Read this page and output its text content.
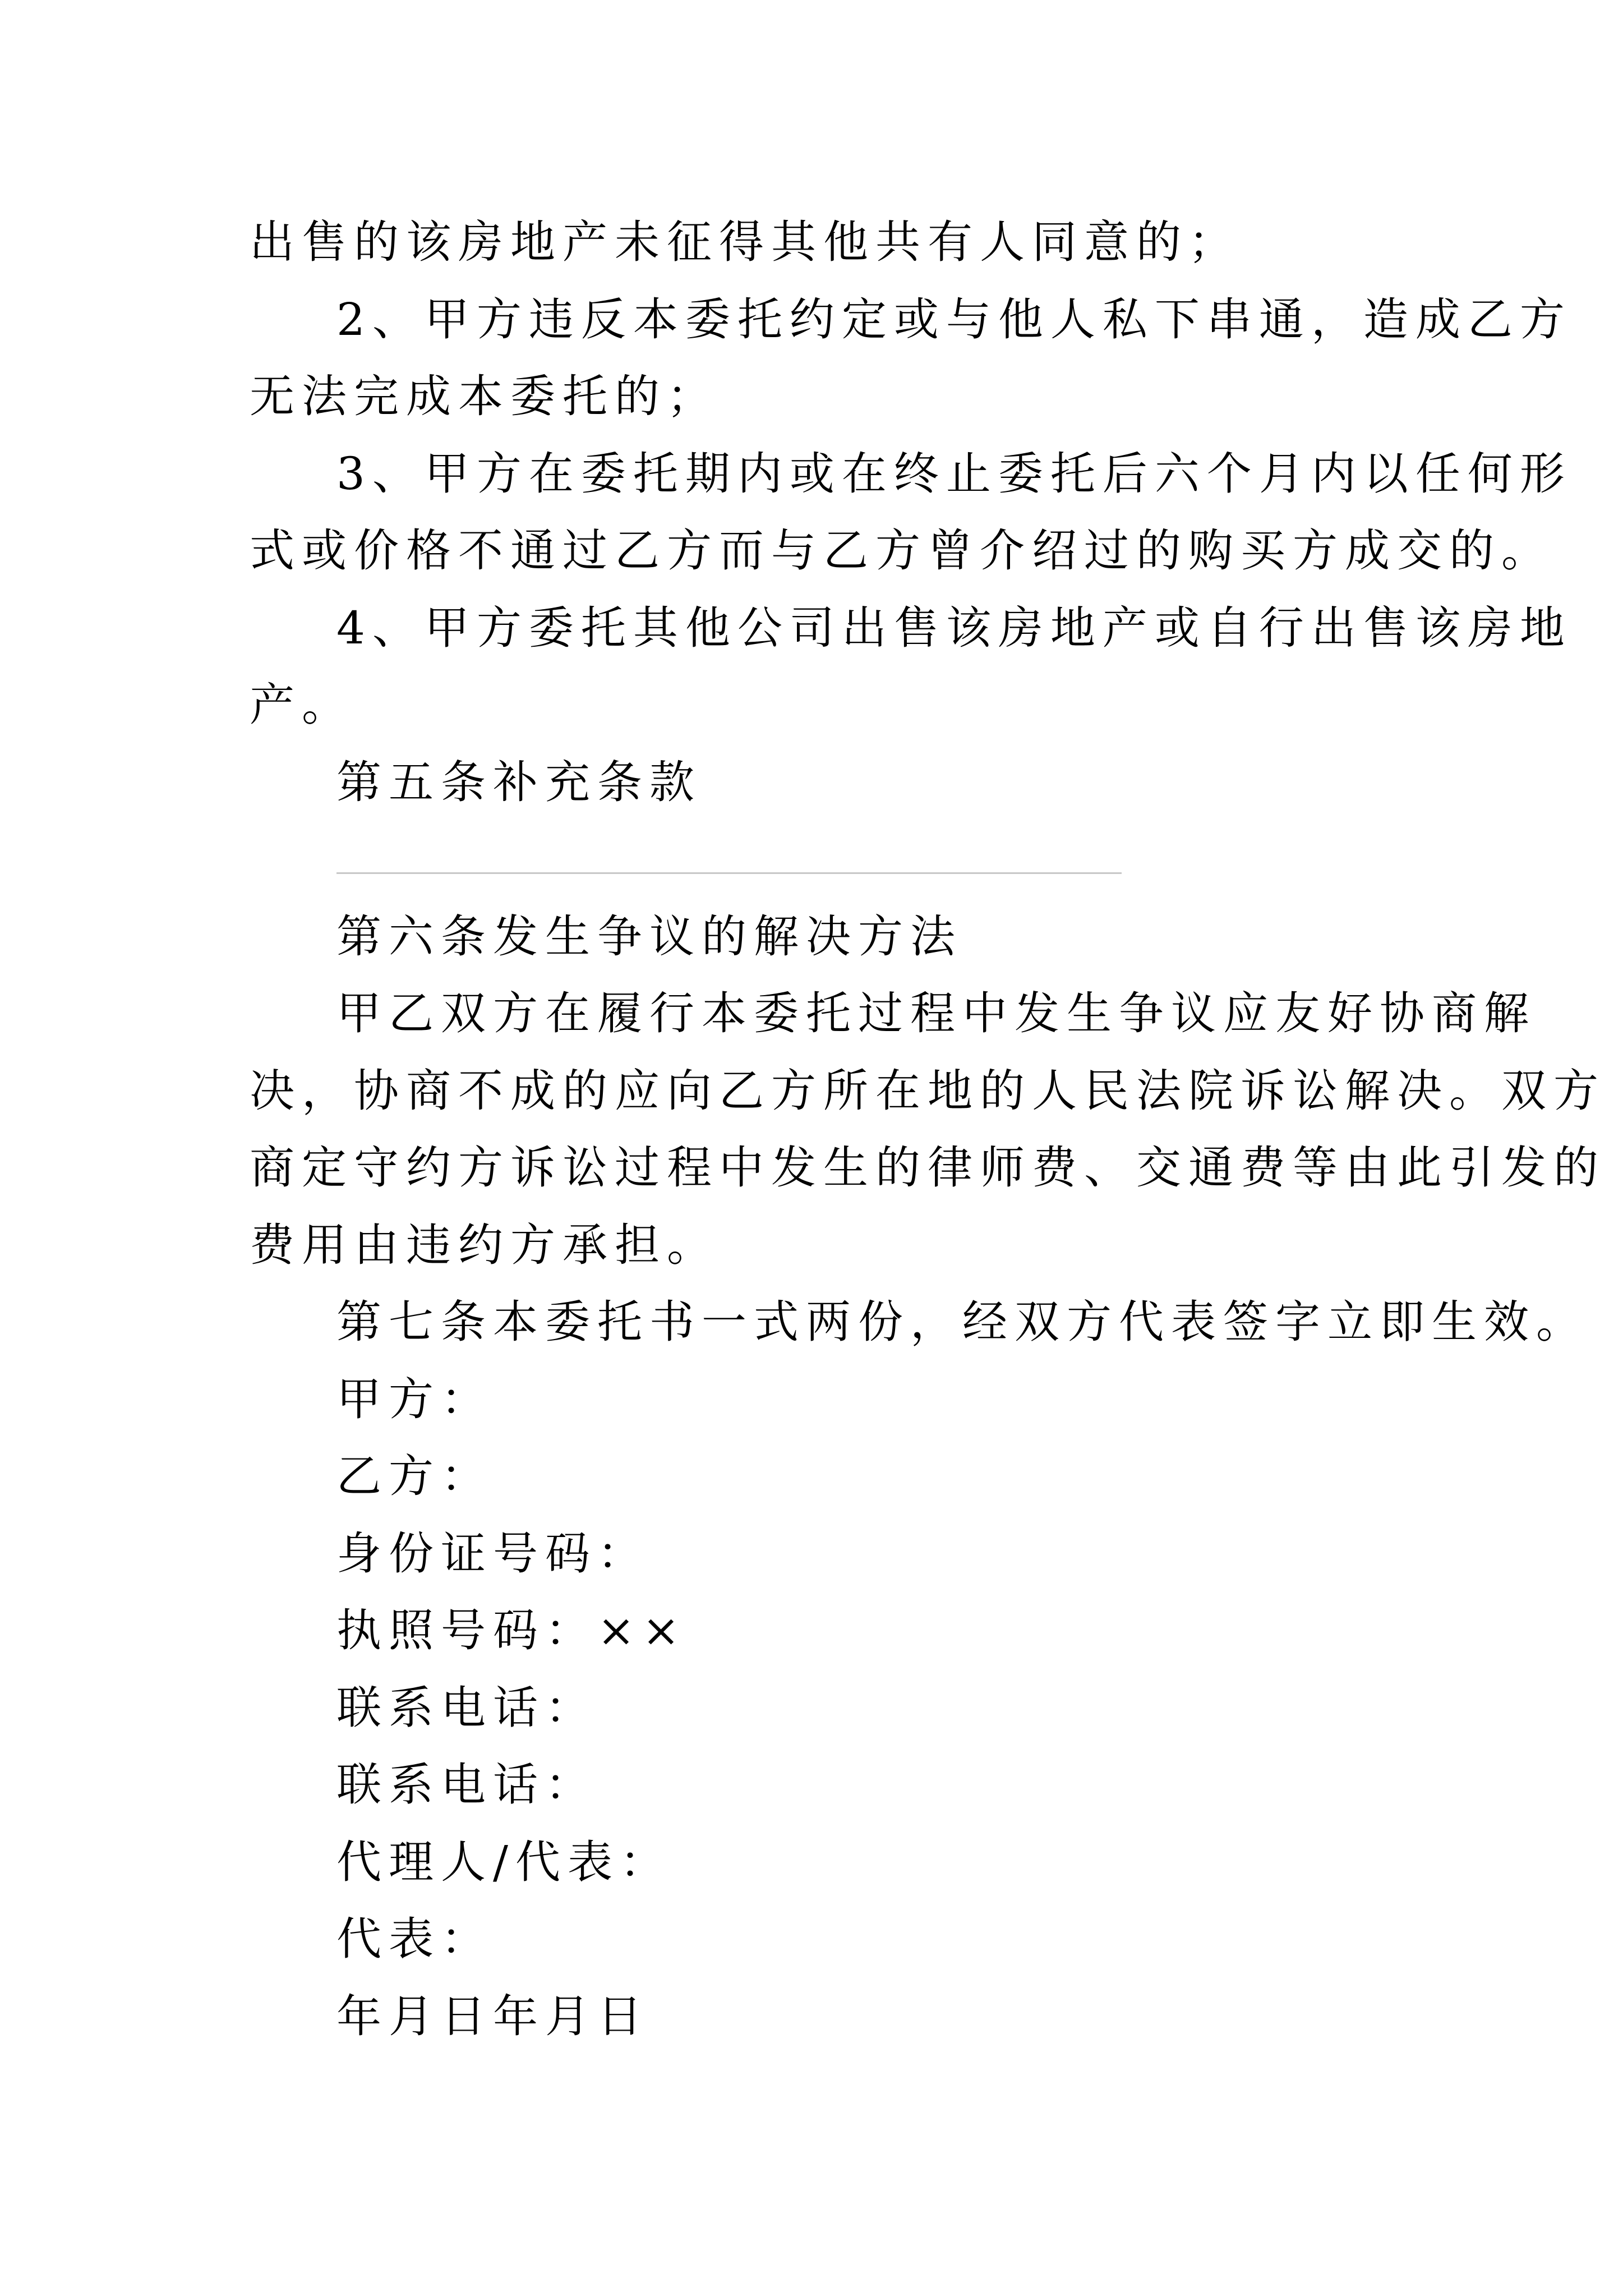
出售的该房地产未征得其他共有人同意的；
2、甲方违反本委托约定或与他人私下串通，造成乙方
无法完成本委托的；
3、甲方在委托期内或在终止委托后六个月内以任何形
式或价格不通过乙方而与乙方曾介绍过的购买方成交的。
4、甲方委托其他公司出售该房地产或自行出售该房地
产。
第五条补充条款
第六条发生争议的解决方法
甲乙双方在履行本委托过程中发生争议应友好协商解
决，协商不成的应向乙方所在地的人民法院诉讼解决。双方
商定守约方诉讼过程中发生的律师费、交通费等由此引发的
费用由违约方承担。
第七条本委托书一式两份，经双方代表签字立即生效。
甲方：
乙方：
身份证号码：
执照号码：××
联系电话：
联系电话：
代理人/代表：
代表：
年月日年月日
